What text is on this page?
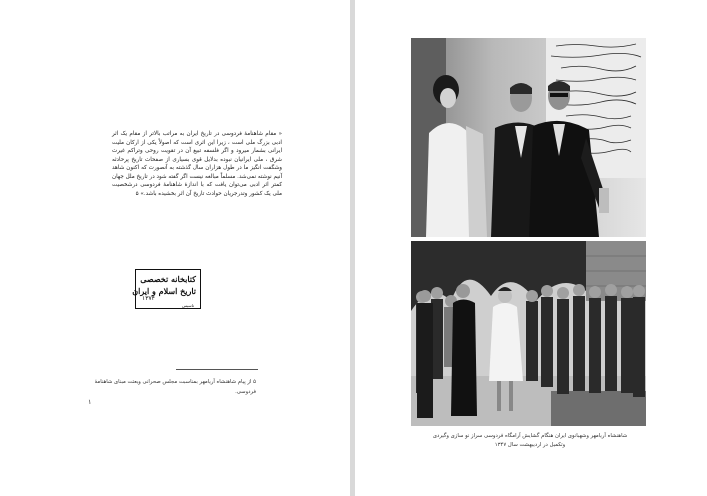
« مقام شاهنامهٔ فردوسی در تاریخ ایران به مراتب بالاتر از مقام یک اثر ادبی بزرگ ملی است ، زیرا این اثری است که اصولاً یکی از ارکان ملیت ایرانی بشمار میرود و اگر فلسفه تبیغ آن در تقویت روحی وتراکم غیرت شرق ، ملی ایرانیان نبوده بدلایل قوی بسیاری از صفحات تاریخ پرحادثه وشگفت انگیز ما در طول هزاران سال گذشته به آنصورت که اکنون شاهد آنیم نوشته نمی‌شد. مسلماً مبالغه نیست اگر گفته شود در تاریخ ملل جهان کمتر اثر ادبی می‌توان یافت که با اندازهٔ شاهنامهٔ فردوسی درشخصیت ملی یک کشور وتدرجریان حوادث تاریخ آن اثر بخشیده باشد.» ۵
کتابخانه تخصصی
تاریخ اسلام و ایران
۱۳۷۴
تاسیس
۵ از پیام شاهنشاه آریامهر بمناسبت مجلس صحرانی ویعتت مبنای شاهنامهٔ فردوسی.
۱
شاهنشاه آریامهر وشهبانوی ایران هنگام گشایش آرامگاه فردوسی سراز نو سازی وگیردی وتکمیل در اردیبهشت سال ۱۳۴۷
